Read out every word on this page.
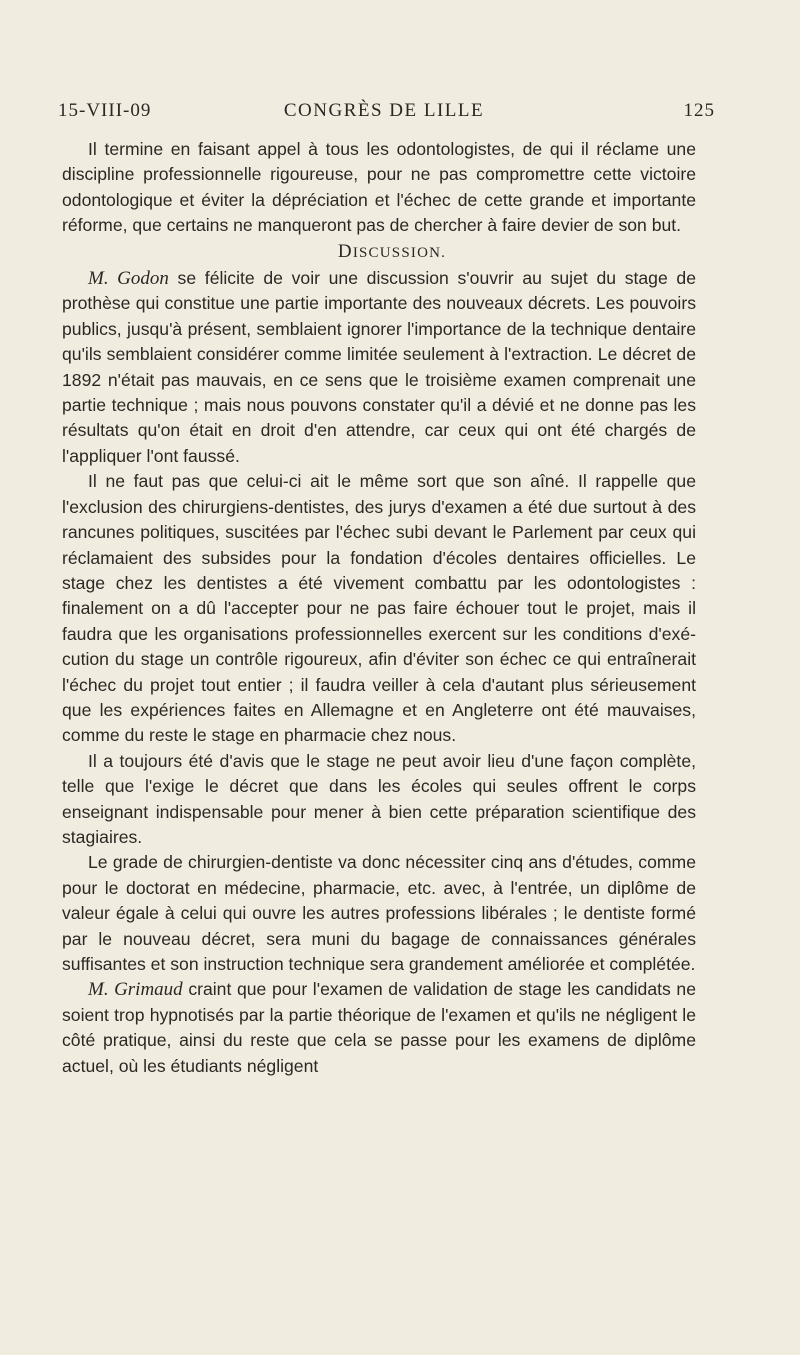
15-VIII-09	CONGRÈS DE LILLE	125

Il termine en faisant appel à tous les odontologistes, de qui il réclame une discipline professionnelle rigoureuse, pour ne pas compromettre cette victoire odontologique et éviter la dépréciation et l'échec de cette grande et importante réforme, que certains ne manqueront pas de chercher à faire devier de son but.

DISCUSSION.

M. Godon se félicite de voir une discussion s'ouvrir au sujet du stage de prothèse qui constitue une partie importante des nouveaux décrets. Les pouvoirs publics, jusqu'à présent, semblaient ignorer l'importance de la technique dentaire qu'ils semblaient considérer comme limitée seulement à l'extraction. Le décret de 1892 n'était pas mauvais, en ce sens que le troisième examen comprenait une partie technique ; mais nous pouvons constater qu'il a dévié et ne donne pas les résultats qu'on était en droit d'en attendre, car ceux qui ont été chargés de l'appliquer l'ont faussé.

Il ne faut pas que celui-ci ait le même sort que son aîné. Il rappelle que l'exclusion des chirurgiens-dentistes, des jurys d'examen a été due surtout à des rancunes politiques, suscitées par l'échec subi devant le Parlement par ceux qui réclamaient des subsides pour la fondation d'écoles dentaires officielles. Le stage chez les dentistes a été vivement combattu par les odontologistes : finalement on a dû l'accepter pour ne pas faire échouer tout le projet, mais il faudra que les organisations professionnelles exercent sur les conditions d'exécution du stage un contrôle rigoureux, afin d'éviter son échec ce qui entraînerait l'échec du projet tout entier ; il faudra veiller à cela d'autant plus sérieusement que les expériences faites en Allemagne et en Angleterre ont été mauvaises, comme du reste le stage en pharmacie chez nous.

Il a toujours été d'avis que le stage ne peut avoir lieu d'une façon complète, telle que l'exige le décret que dans les écoles qui seules offrent le corps enseignant indispensable pour mener à bien cette préparation scientifique des stagiaires.

Le grade de chirurgien-dentiste va donc nécessiter cinq ans d'études, comme pour le doctorat en médecine, pharmacie, etc. avec, à l'entrée, un diplôme de valeur égale à celui qui ouvre les autres professions libérales ; le dentiste formé par le nouveau décret, sera muni du bagage de connaissances générales suffisantes et son instruction technique sera grandement améliorée et complétée.

M. Grimaud craint que pour l'examen de validation de stage les candidats ne soient trop hypnotisés par la partie théorique de l'examen et qu'ils ne négligent le côté pratique, ainsi du reste que cela se passe pour les examens de diplôme actuel, où les étudiants négligent
